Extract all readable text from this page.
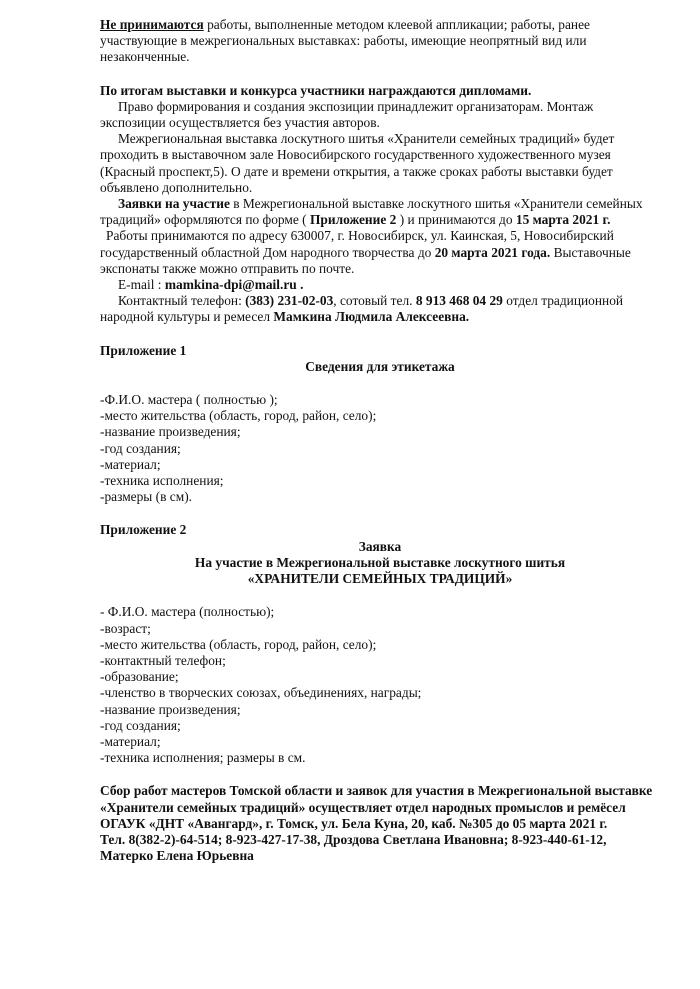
Не принимаются работы, выполненные методом клеевой аппликации; работы, ранее участвующие в межрегиональных выставках: работы, имеющие неопрятный вид или незаконченные.

По итогам выставки и конкурса участники награждаются дипломами.

Право формирования и создания экспозиции принадлежит организаторам. Монтаж экспозиции осуществляется без участия авторов.

Межрегиональная выставка лоскутного шитья «Хранители семейных традиций» будет проходить в выставочном зале Новосибирского государственного художественного музея (Красный проспект,5). О дате и времени открытия, а также сроках работы выставки будет объявлено дополнительно.

Заявки на участие в Межрегиональной выставке лоскутного шитья «Хранители семейных традиций» оформляются по форме ( Приложение 2 ) и принимаются до 15 марта 2021 г.

Работы принимаются по адресу 630007, г. Новосибирск, ул. Каинская, 5, Новосибирский государственный областной Дом народного творчества до 20 марта 2021 года. Выставочные экспонаты также можно отправить по почте.

E-mail : mamkina-dpi@mail.ru .

Контактный телефон: (383) 231-02-03, сотовый тел. 8 913 468 04 29 отдел традиционной народной культуры и ремесел Мамкина Людмила Алексеевна.

Приложение 1

Сведения для этикетажа

-Ф.И.О. мастера ( полностью );

-место жительства (область, город, район, село);

-название произведения;

-год создания;

-материал;

-техника исполнения;

-размеры (в см).

Приложение 2

Заявка

На участие в Межрегиональной выставке лоскутного шитья

«ХРАНИТЕЛИ СЕМЕЙНЫХ ТРАДИЦИЙ»

- Ф.И.О. мастера (полностью);

-возраст;

-место жительства (область, город, район, село);

-контактный телефон;

-образование;

-членство в творческих союзах, объединениях, награды;

-название произведения;

-год создания;

-материал;

-техника исполнения; размеры в см.

Сбор работ мастеров Томской области и заявок для участия в Межрегиональной выставке «Хранители семейных традиций» осуществляет отдел народных промыслов и ремёсел ОГАУК «ДНТ «Авангард», г. Томск, ул. Бела Куна, 20, каб. №305 до 05 марта 2021 г.

Тел. 8(382-2)-64-514; 8-923-427-17-38, Дроздова Светлана Ивановна; 8-923-440-61-12, Матерко Елена Юрьевна
